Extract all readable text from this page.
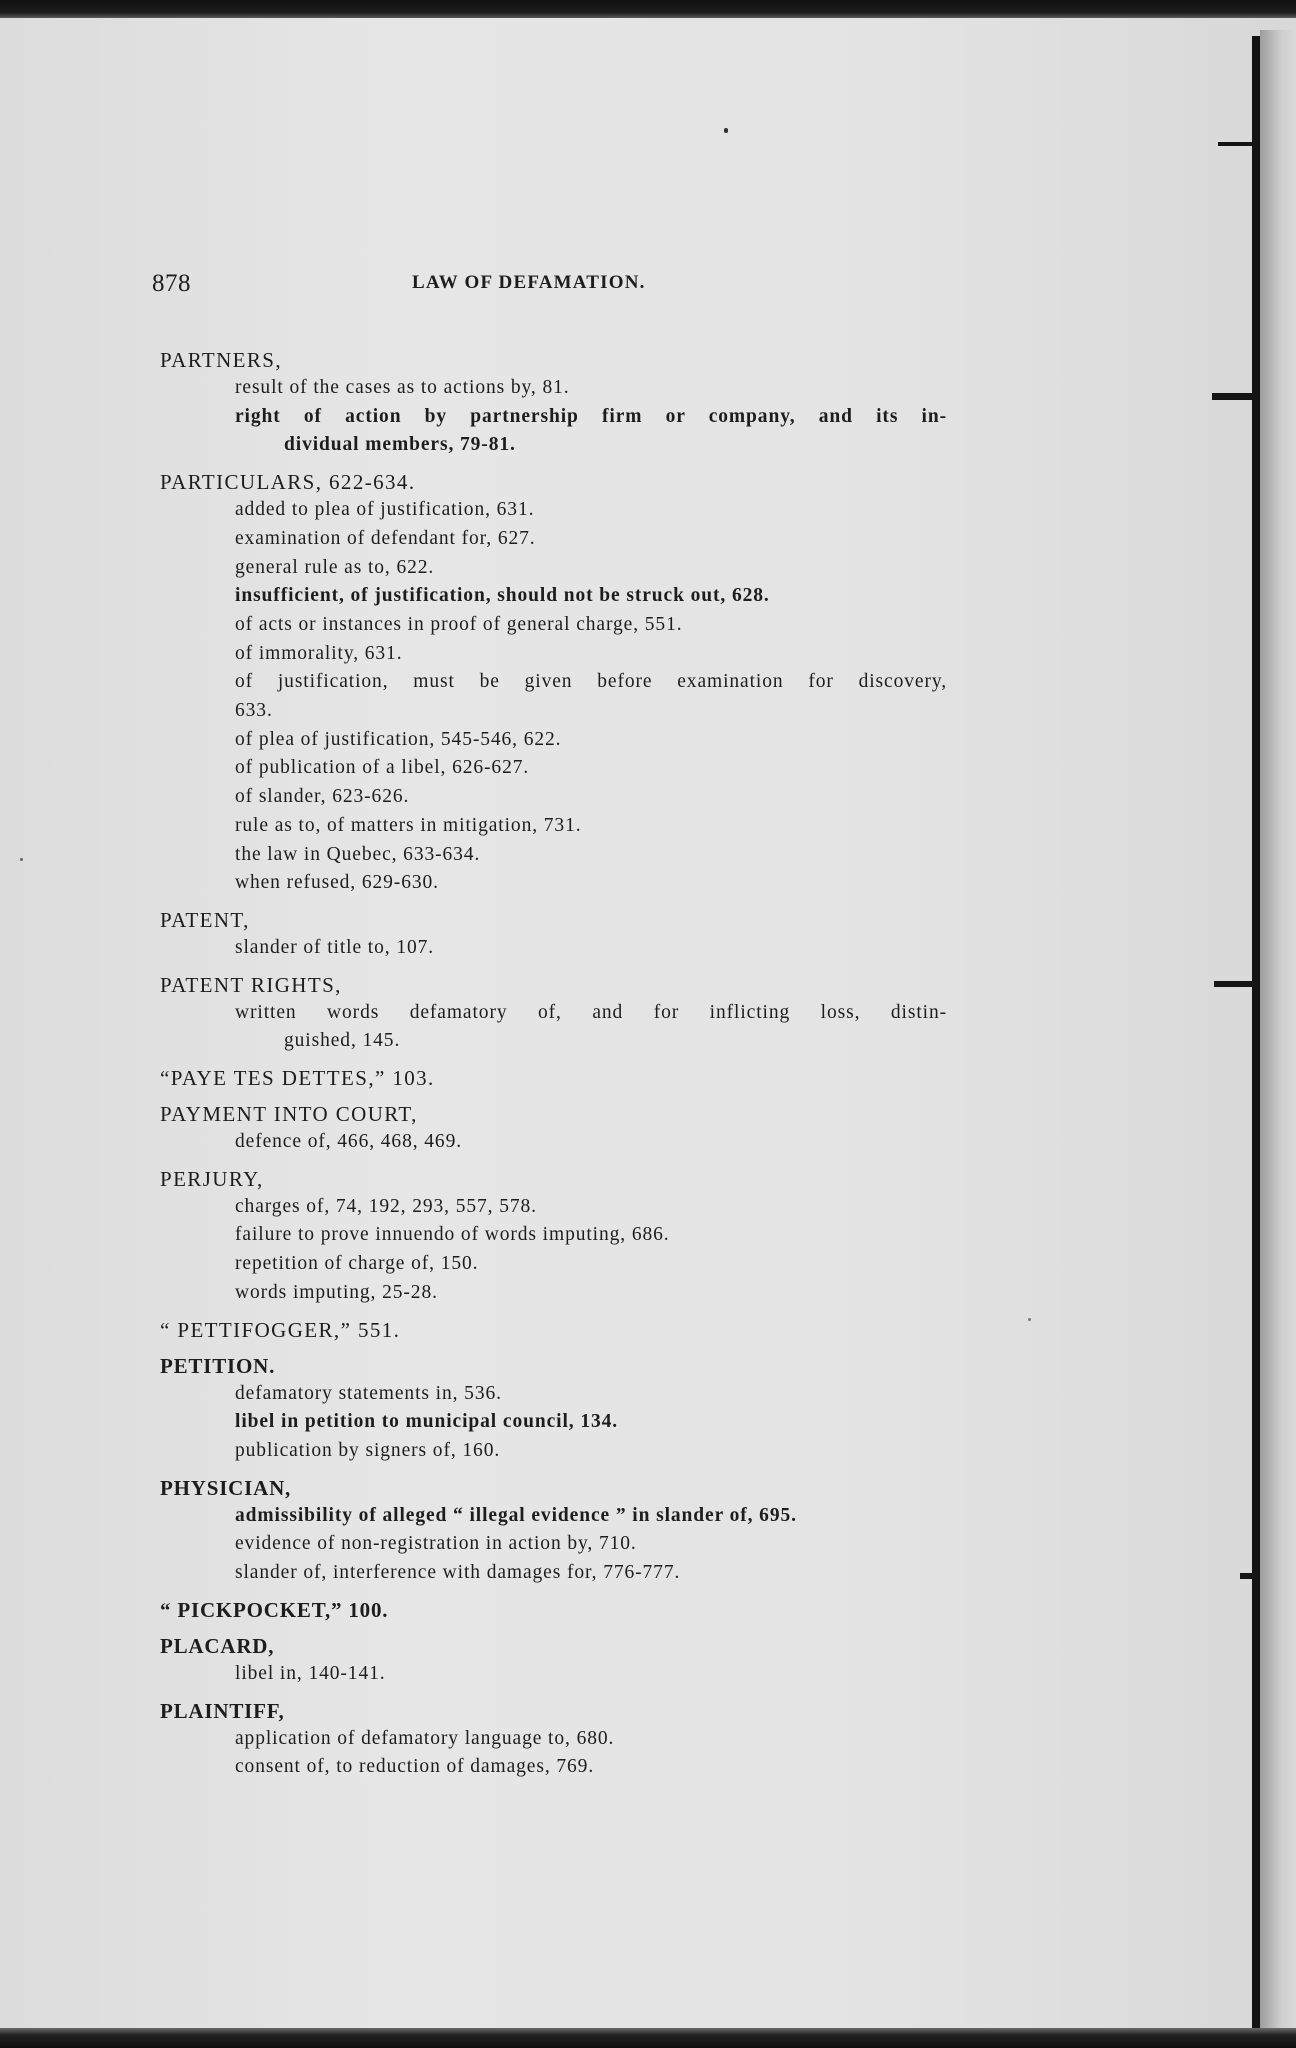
878	LAW OF DEFAMATION.
PARTNERS,
result of the cases as to actions by, 81.
right of action by partnership firm or company, and its in-
dividual members, 79-81.
PARTICULARS, 622-634.
added to plea of justification, 631.
examination of defendant for, 627.
general rule as to, 622.
insufficient, of justification, should not be struck out, 628.
of acts or instances in proof of general charge, 551.
of immorality, 631.
of justification, must be given before examination for discovery,
633.
of plea of justification, 545-546, 622.
of publication of a libel, 626-627.
of slander, 623-626.
rule as to, of matters in mitigation, 731.
the law in Quebec, 633-634.
when refused, 629-630.
PATENT,
slander of title to, 107.
PATENT RIGHTS,
written words defamatory of, and for inflicting loss, distin-
guished, 145.
“PAYE TES DETTES,” 103.
PAYMENT INTO COURT,
defence of, 466, 468, 469.
PERJURY,
charges of, 74, 192, 293, 557, 578.
failure to prove innuendo of words imputing, 686.
repetition of charge of, 150.
words imputing, 25-28.
“ PETTIFOGGER,” 551.
PETITION.
defamatory statements in, 536.
libel in petition to municipal council, 134.
publication by signers of, 160.
PHYSICIAN,
admissibility of alleged “ illegal evidence ” in slander of, 695.
evidence of non-registration in action by, 710.
slander of, interference with damages for, 776-777.
“ PICKPOCKET,” 100.
PLACARD,
libel in, 140-141.
PLAINTIFF,
application of defamatory language to, 680.
consent of, to reduction of damages, 769.
